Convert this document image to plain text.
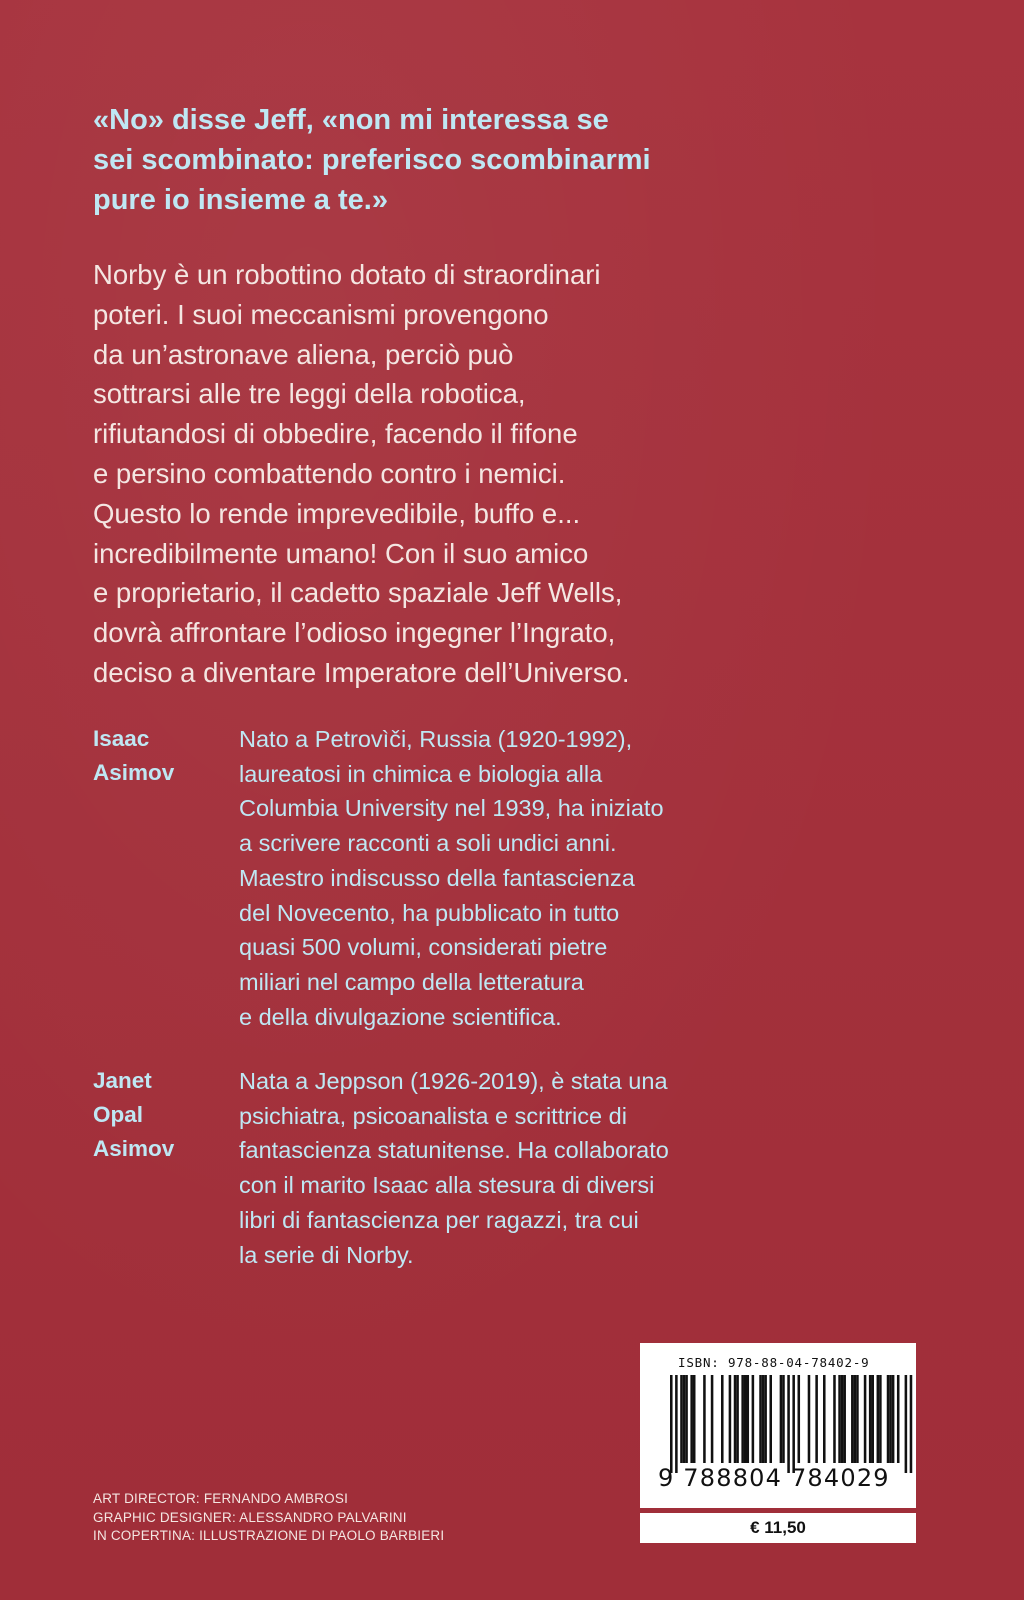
«No» disse Jeff, «non mi interessa se
sei scombinato: preferisco scombinarmi
pure io insieme a te.»
Norby è un robottino dotato di straordinari
poteri. I suoi meccanismi provengono
da un’astronave aliena, perciò può
sottrarsi alle tre leggi della robotica,
rifiutandosi di obbedire, facendo il fifone
e persino combattendo contro i nemici.
Questo lo rende imprevedibile, buffo e...
incredibilmente umano! Con il suo amico
e proprietario, il cadetto spaziale Jeff Wells,
dovrà affrontare l’odioso ingegner l’Ingrato,
deciso a diventare Imperatore dell’Universo.
Isaac
Asimov
Nato a Petrovìči, Russia (1920-1992),
laureatosi in chimica e biologia alla
Columbia University nel 1939, ha iniziato
a scrivere racconti a soli undici anni.
Maestro indiscusso della fantascienza
del Novecento, ha pubblicato in tutto
quasi 500 volumi, considerati pietre
miliari nel campo della letteratura
e della divulgazione scientifica.
Janet
Opal
Asimov
Nata a Jeppson (1926-2019), è stata una
psichiatra, psicoanalista e scrittrice di
fantascienza statunitense. Ha collaborato
con il marito Isaac alla stesura di diversi
libri di fantascienza per ragazzi, tra cui
la serie di Norby.
ART DIRECTOR: FERNANDO AMBROSI
GRAPHIC DESIGNER: ALESSANDRO PALVARINI
IN COPERTINA: ILLUSTRAZIONE DI PAOLO BARBIERI
ISBN: 978-88-04-78402-9
9 788804 784029
€ 11,50
